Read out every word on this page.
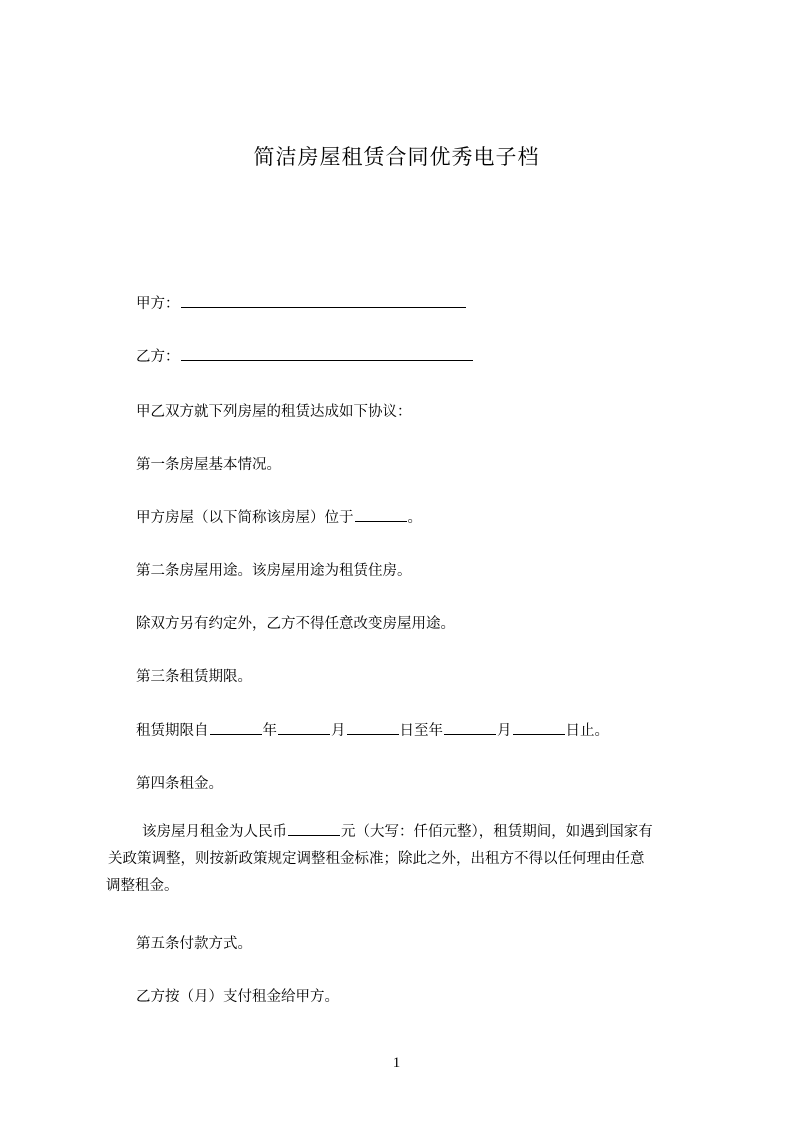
简洁房屋租赁合同优秀电子档
甲方：
乙方：
甲乙双方就下列房屋的租赁达成如下协议：
第一条房屋基本情况。
甲方房屋（以下简称该房屋）位于	。
第二条房屋用途。该房屋用途为租赁住房。
除双方另有约定外，乙方不得任意改变房屋用途。
第三条租赁期限。
租赁期限自	年	月	日至年	月	日止。
第四条租金。
该房屋月租金为人民币	元（大写：仟佰元整），租赁期间，如遇到国家有
关政策调整，则按新政策规定调整租金标准；除此之外，出租方不得以任何理由任意
调整租金。
第五条付款方式。
乙方按（月）支付租金给甲方。
1
